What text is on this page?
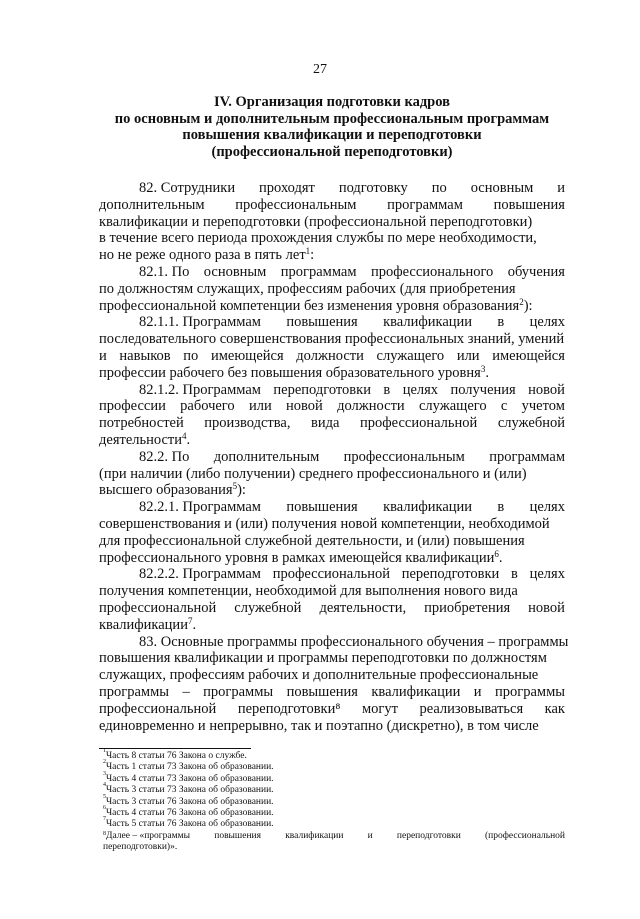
27
IV. Организация подготовки кадров
по основным и дополнительным профессиональным программам
повышения квалификации и переподготовки
(профессиональной переподготовки)
82. Сотрудники проходят подготовку по основным и
дополнительным профессиональным программам повышения
квалификации и переподготовки (профессиональной переподготовки)
в течение всего периода прохождения службы по мере необходимости,
но не реже одного раза в пять лет $^1$:
82.1. По основным программам профессионального обучения
по должностям служащих, профессиям рабочих (для приобретения
профессиональной компетенции без изменения уровня образования $^2$):
82.1.1. Программам повышения квалификации в целях
последовательного совершенствования профессиональных знаний, умений
и навыков по имеющейся должности служащего или имеющейся
профессии рабочего без повышения образовательного уровня $^3$.
82.1.2. Программам переподготовки в целях получения новой
профессии рабочего или новой должности служащего с учетом
потребностей производства, вида профессиональной служебной
деятельности $^4$.
82.2. По дополнительным профессиональным программам
(при наличии (либо получении) среднего профессионального и (или)
высшего образования $^5$):
82.2.1. Программам повышения квалификации в целях
совершенствования и (или) получения новой компетенции, необходимой
для профессиональной служебной деятельности, и (или) повышения
профессионального уровня в рамках имеющейся квалификации $^6$.
82.2.2. Программам профессиональной переподготовки в целях
получения компетенции, необходимой для выполнения нового вида
профессиональной служебной деятельности, приобретения новой
квалификации $^7$.
83. Основные программы профессионального обучения – программы
повышения квалификации и программы переподготовки по должностям
служащих, профессиям рабочих и дополнительные профессиональные
программы – программы повышения квалификации и программы
профессиональной переподготовки⁸ могут реализовываться как
единовременно и непрерывно, так и поэтапно (дискретно), в том числе
1 Часть 8 статьи 76 Закона о службе.
2 Часть 1 статьи 73 Закона об образовании.
3 Часть 4 статьи 73 Закона об образовании.
4 Часть 3 статьи 73 Закона об образовании.
5 Часть 3 статьи 76 Закона об образовании.
6 Часть 4 статьи 76 Закона об образовании.
7 Часть 5 статьи 76 Закона об образовании.
$^8$Далее – «программы	повышения	квалификации	и	переподготовки	(профессиональной
переподготовки)».
